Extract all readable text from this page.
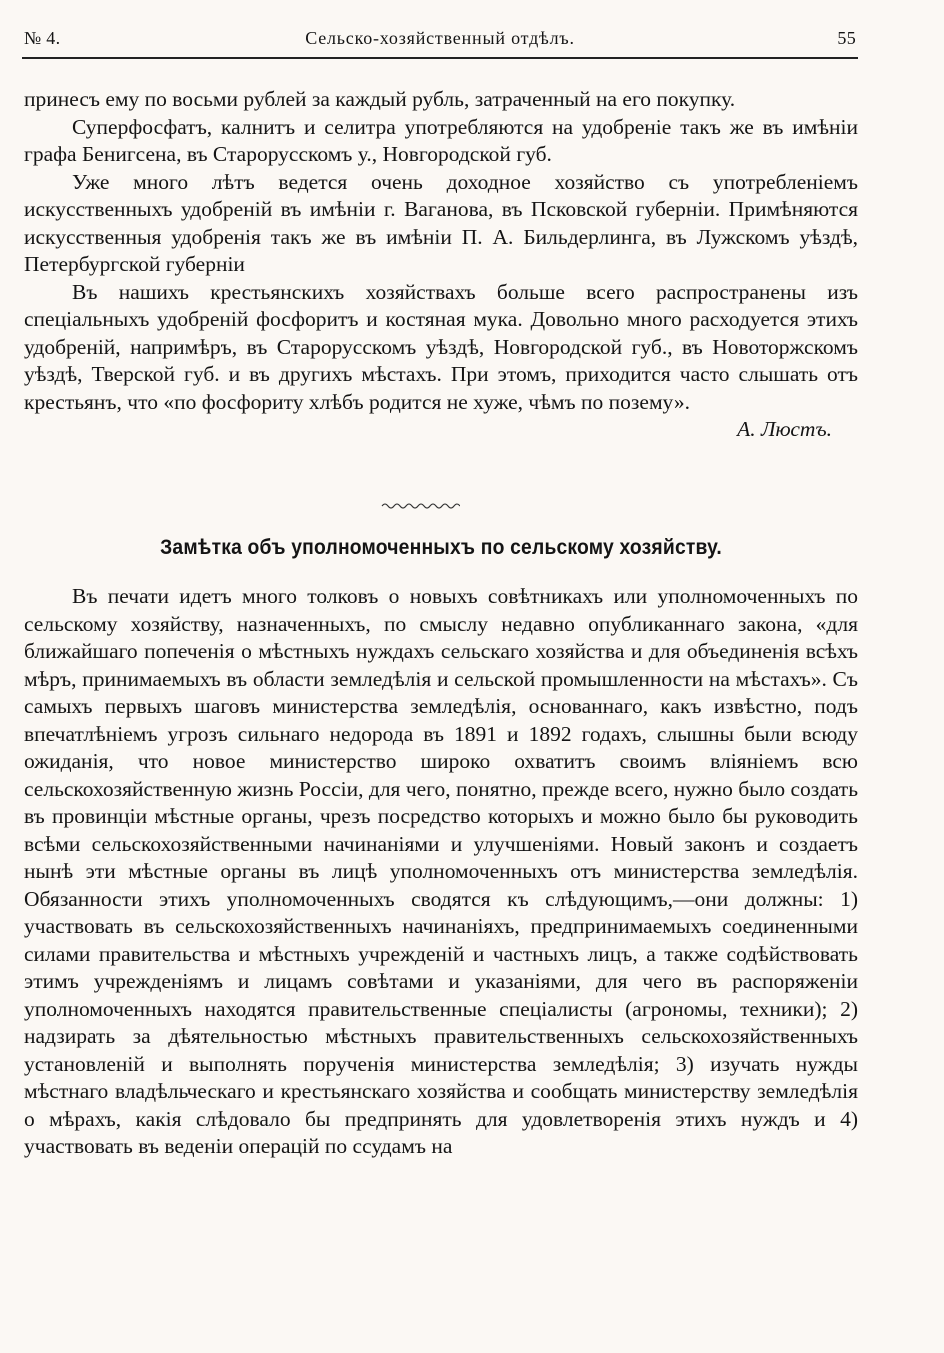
№ 4.	Сельско-хозяйственный отдѣлъ.	55

принесъ ему по восьми рублей за каждый рубль, затраченный на его покупку.

Суперфосфатъ, калнитъ и селитра употребляются на удобреніе такъ же въ имѣніи графа Бенигсена, въ Старорусскомъ у., Новгородской губ.

Уже много лѣтъ ведется очень доходное хозяйство съ употребленіемъ искусственныхъ удобреній въ имѣніи г. Ваганова, въ Псковской губерніи. Примѣняются искусственныя удобренія такъ же въ имѣніи П. А. Бильдерлинга, въ Лужскомъ уѣздѣ, Петербургской губерніи

Въ нашихъ крестьянскихъ хозяйствахъ больше всего распространены изъ спеціальныхъ удобреній фосфоритъ и костяная мука. Довольно много расходуется этихъ удобреній, напримѣръ, въ Старорусскомъ уѣздѣ, Новгородской губ., въ Новоторжскомъ уѣздѣ, Тверской губ. и въ другихъ мѣстахъ. При этомъ, приходится часто слышать отъ крестьянъ, что «по фосфориту хлѣбъ родится не хуже, чѣмъ по позему».

А. Люстъ.

Замѣтка объ уполномоченныхъ по сельскому хозяйству.

Въ печати идетъ много толковъ о новыхъ совѣтникахъ или уполномоченныхъ по сельскому хозяйству, назначенныхъ, по смыслу недавно опубликаннаго закона, «для ближайшаго попеченія о мѣстныхъ нуждахъ сельскаго хозяйства и для объединенія всѣхъ мѣръ, принимаемыхъ въ области земледѣлія и сельской промышленности на мѣстахъ». Съ самыхъ первыхъ шаговъ министерства земледѣлія, основаннаго, какъ извѣстно, подъ впечатлѣніемъ угрозъ сильнаго недорода въ 1891 и 1892 годахъ, слышны были всюду ожиданія, что новое министерство широко охватитъ своимъ вліяніемъ всю сельскохозяйственную жизнь Россіи, для чего, понятно, прежде всего, нужно было создать въ провинціи мѣстные органы, чрезъ посредство которыхъ и можно было бы руководить всѣми сельскохозяйственными начинаніями и улучшеніями. Новый законъ и создаетъ нынѣ эти мѣстные органы въ лицѣ уполномоченныхъ отъ министерства земледѣлія. Обязанности этихъ уполномоченныхъ сводятся къ слѣдующимъ,—они должны: 1) участвовать въ сельскохозяйственныхъ начинаніяхъ, предпринимаемыхъ соединенными силами правительства и мѣстныхъ учрежденій и частныхъ лицъ, а также содѣйствовать этимъ учрежденіямъ и лицамъ совѣтами и указаніями, для чего въ распоряженіи уполномоченныхъ находятся правительственные спеціалисты (агрономы, техники); 2) надзирать за дѣятельностью мѣстныхъ правительственныхъ сельскохозяйственныхъ установленій и выполнять порученія министерства земледѣлія; 3) изучать нужды мѣстнаго владѣльческаго и крестьянскаго хозяйства и сообщать министерству земледѣлія о мѣрахъ, какія слѣдовало бы предпринять для удовлетворенія этихъ нуждъ и 4) участвовать въ веденіи операцій по ссудамъ на
